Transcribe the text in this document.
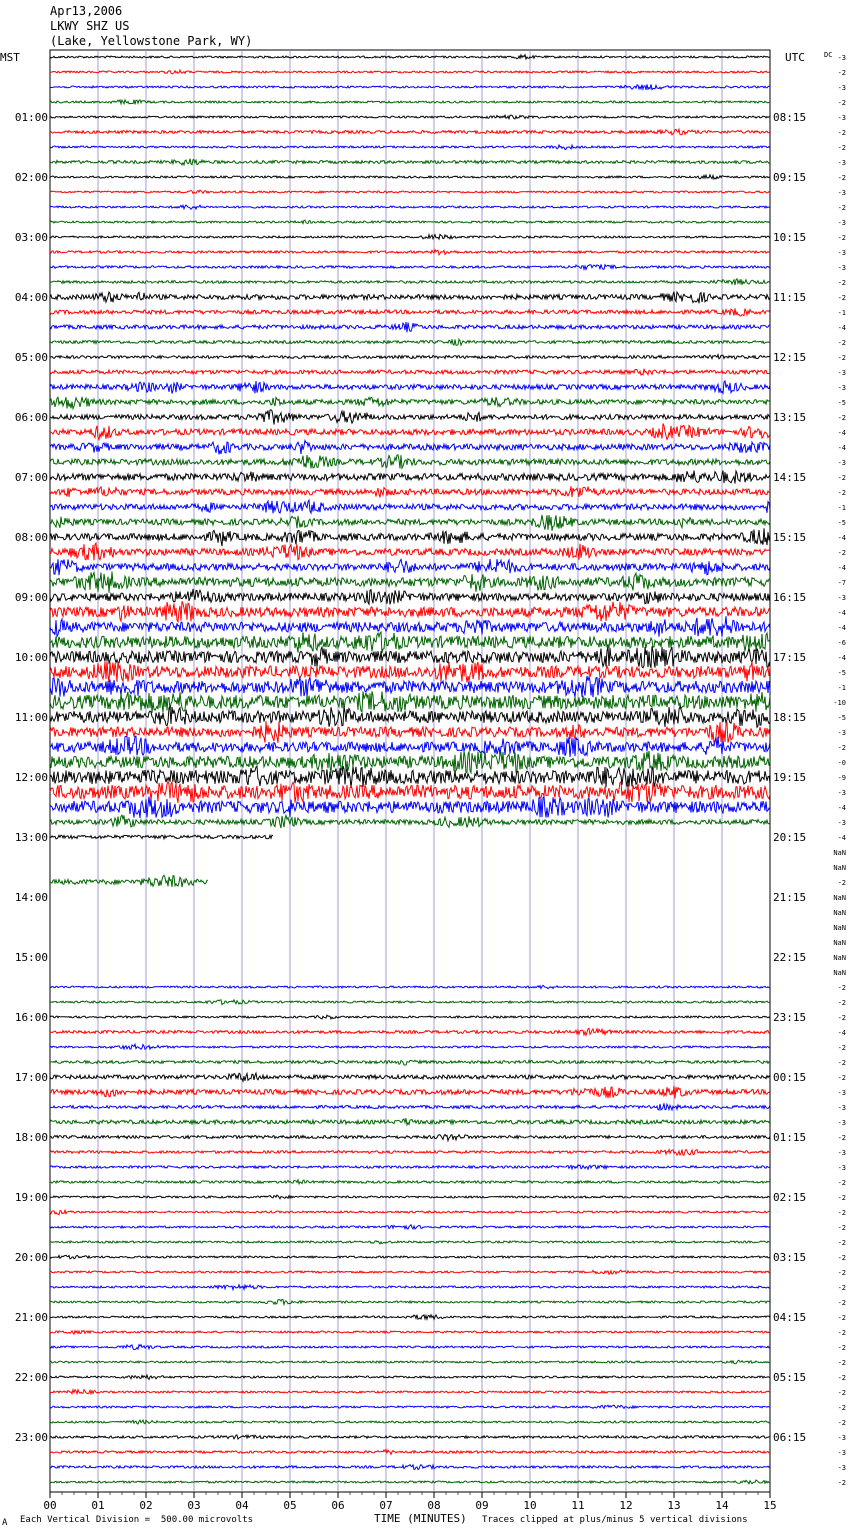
Apr13,2006
LKWY SHZ US
(Lake, Yellowstone Park, WY)
00	01	02	03	04	05	06	07	08	09	10	11	12	13	14	15
MST	UTC	DC
01:00
02:00
03:00
04:00
05:00
06:00
07:00
08:00
09:00
10:00
11:00
12:00
13:00
14:00
15:00
16:00
17:00
18:00
19:00
20:00
21:00
22:00
23:00
08:15
09:15
10:15
11:15
12:15
13:15
14:15
15:15
16:15
17:15
18:15
19:15
20:15
21:15
22:15
23:15
00:15
01:15
02:15
03:15
04:15
05:15
06:15
-3
-2
-3
-2
-3
-2
-2
-3
-2
-3
-2
-3
-2
-3
-3
-2
-2
-1
-4
-2
-2
-3
-3
-5
-2
-4
-4
-3
-2
-2
-1
-5
-4
-2
-4
-7
-3
-4
-4
-6
-4
-5
-1
-10
-5
-3
-2
-0
-9
-3
-4
-3
-4
NaN
NaN
-2
NaN
NaN
NaN
NaN
NaN
NaN
-2
-2
-2
-4
-2
-2
-2
-3
-3
-3
-2
-3
-3
-2
-2
-2
-2
-2
-2
-2
-2
-2
-2
-2
-2
-2
-2
-2
-2
-2
-3
-3
-3
-2
A Each Vertical Division =  500.00 microvolts	TIME (MINUTES) Traces clipped at plus/minus 5 vertical divisions
